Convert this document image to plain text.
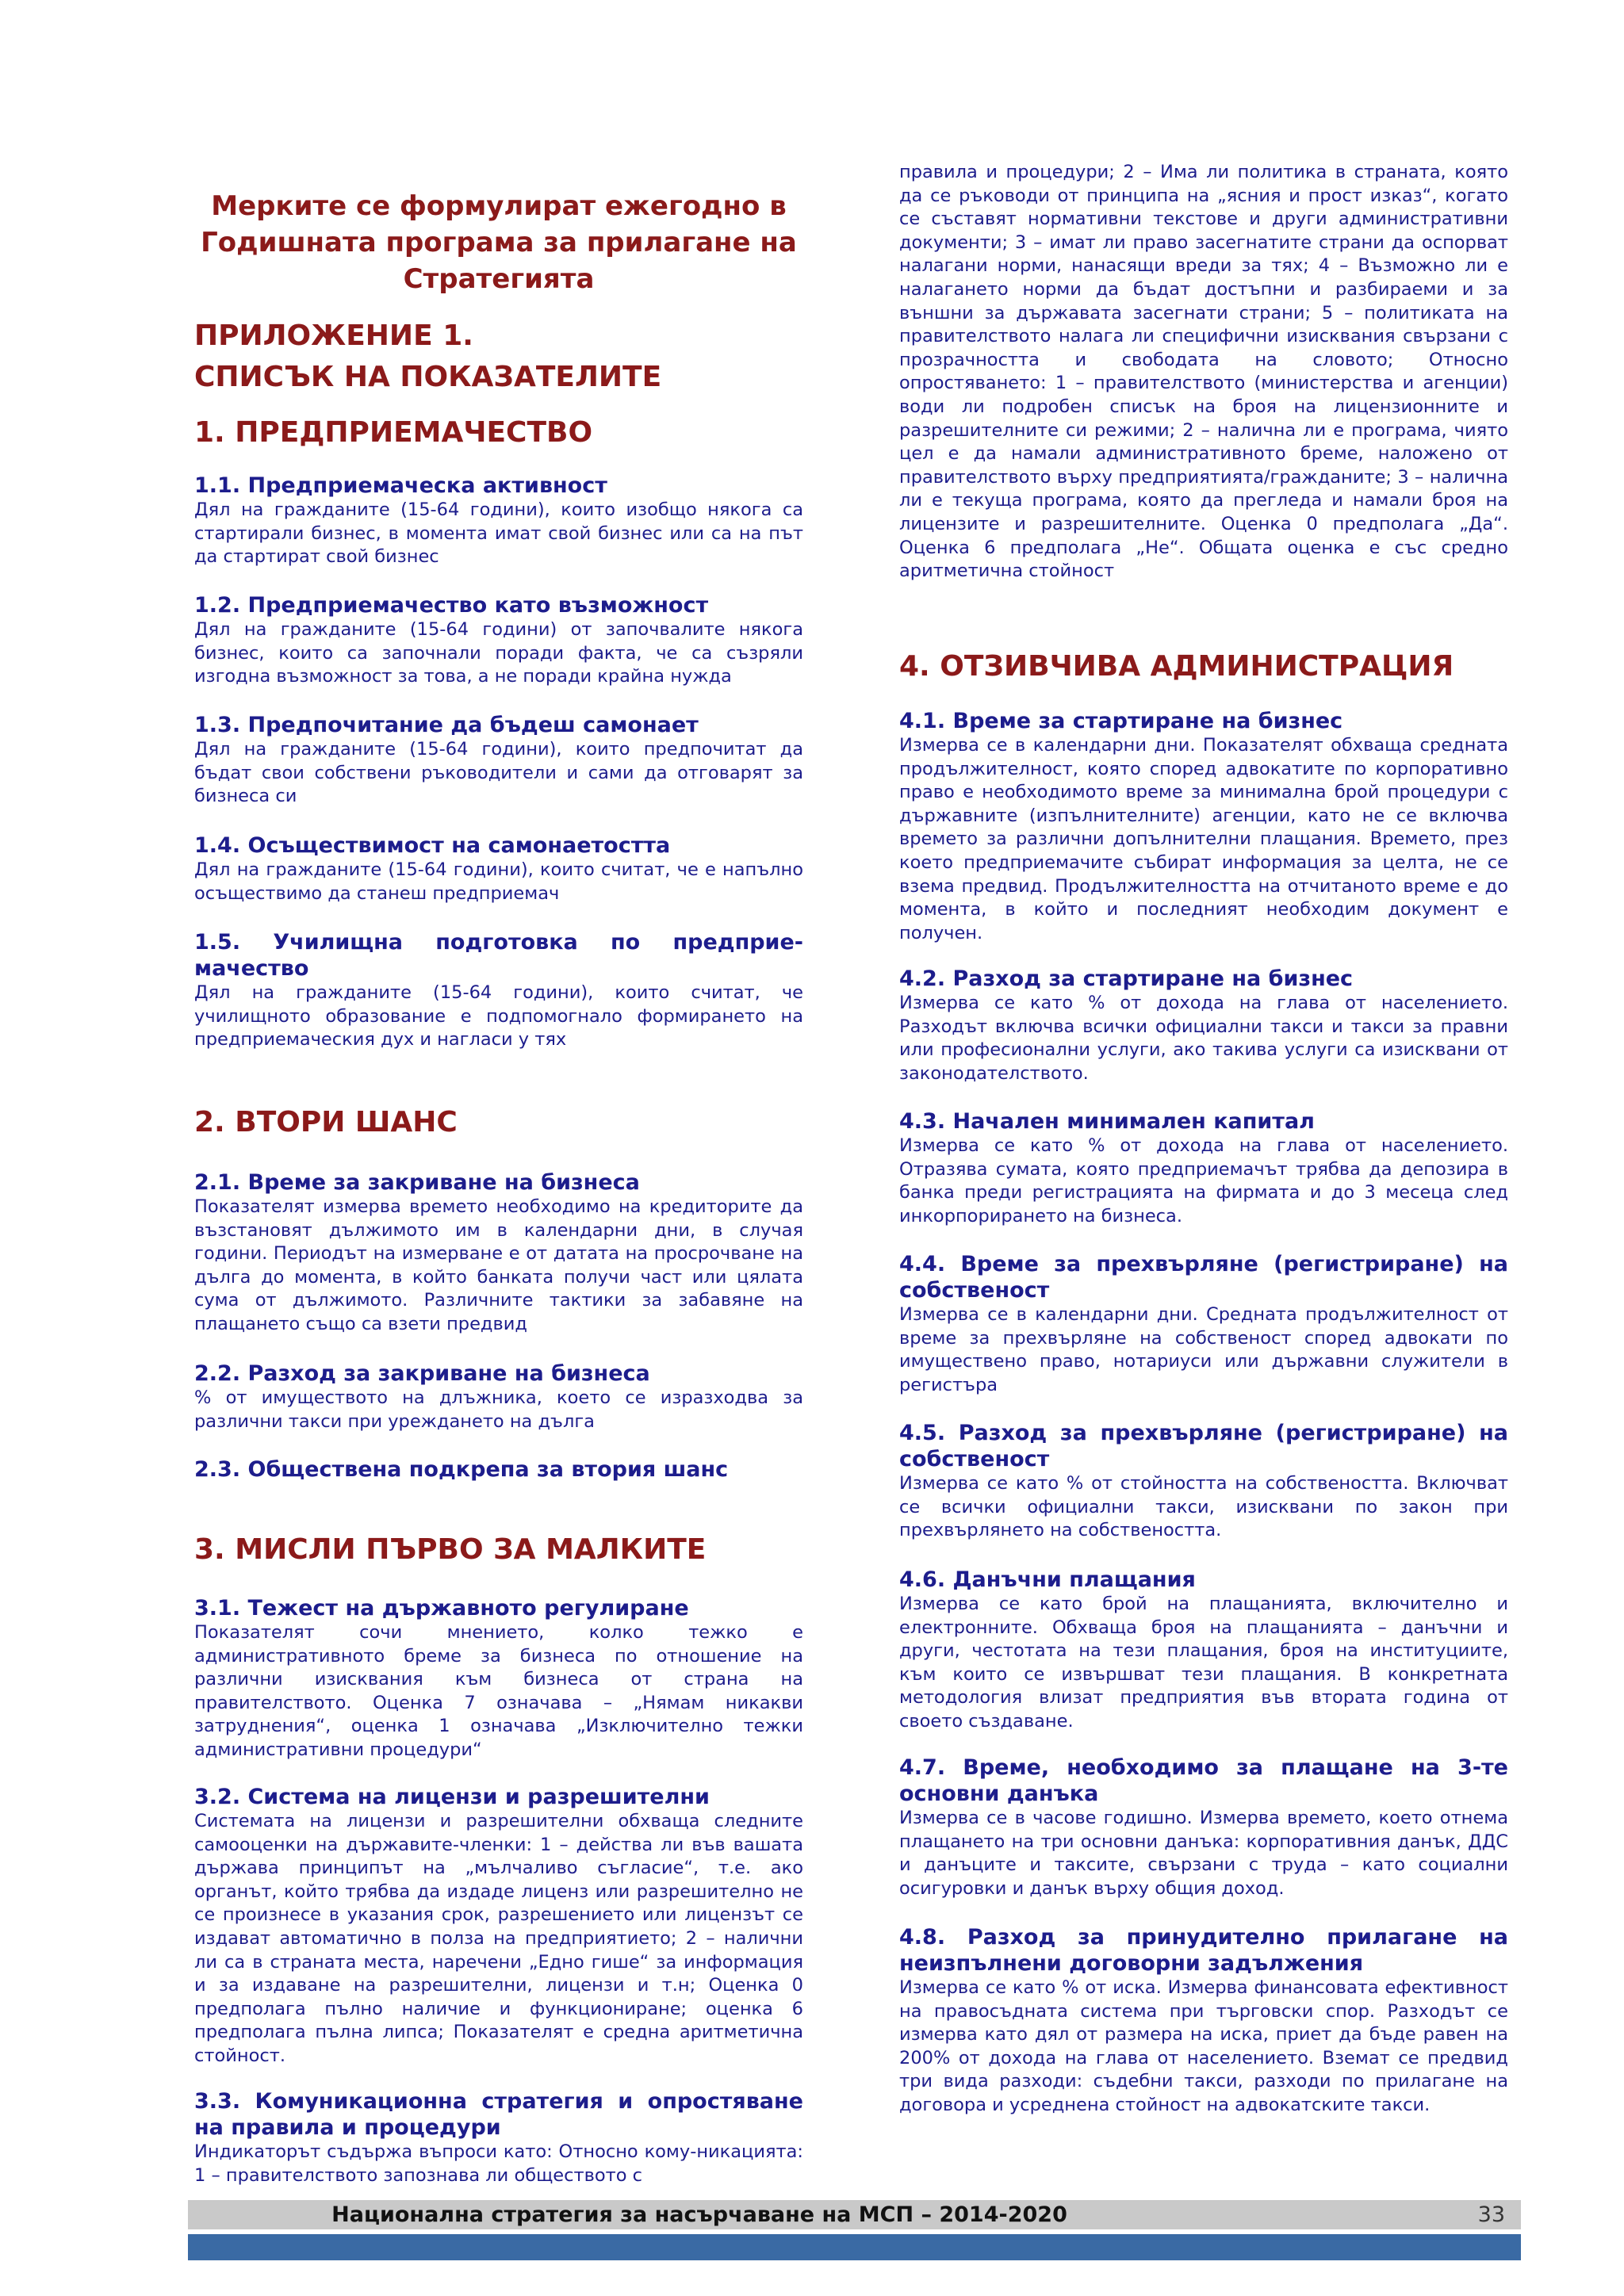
Мерките се формулират ежегодно в Годишната програма за прилагане на Стратегията
ПРИЛОЖЕНИЕ 1.
СПИСЪК НА ПОКАЗАТЕЛИТЕ
1. ПРЕДПРИЕМАЧЕСТВО
1.1. Предприемаческа активност
Дял на гражданите (15-64 години), които изобщо някога са стартирали бизнес, в момента имат свой бизнес или са на път да стартират свой бизнес
1.2. Предприемачество като възможност
Дял на гражданите (15-64 години) от започвалите някога бизнес, които са започнали поради факта, че са съзряли изгодна възможност за това, а не поради крайна нужда
1.3. Предпочитание да бъдеш самонает
Дял на гражданите (15-64 години), които предпочитат да бъдат свои собствени ръководители и сами да отговарят за бизнеса си
1.4. Осъществимост на самонаетостта
Дял на гражданите (15-64 години), които считат, че е напълно осъществимо да станеш предприемач
1.5. Училищна подготовка по предприе-мачество
Дял на гражданите (15-64 години), които считат, че училищното образование е подпомогнало формирането на предприемаческия дух и нагласи у тях
2. ВТОРИ ШАНС
2.1. Време за закриване на бизнеса
Показателят измерва времето необходимо на кредиторите да възстановят дължимото им в календарни дни, в случая години. Периодът на измерване е от датата на просрочване на дълга до момента, в който банката получи част или цялата сума от дължимото. Различните тактики за забавяне на плащането също са взети предвид
2.2. Разход за закриване на бизнеса
% от имуществото на длъжника, което се изразходва за различни такси при уреждането на дълга
2.3. Обществена подкрепа за втория шанс
3. МИСЛИ ПЪРВО ЗА МАЛКИТЕ
3.1. Тежест на държавното регулиране
Показателят сочи мнението, колко тежко е административното бреме за бизнеса по отношение на различни изисквания към бизнеса от страна на правителството. Оценка 7 означава – „Нямам никакви затруднения“, оценка 1 означава „Изключително тежки административни процедури“
3.2. Система на лицензи и разрешителни
Системата на лицензи и разрешителни обхваща следните самооценки на държавите-членки: 1 – действа ли във вашата държава принципът на „мълчаливо съгласие“, т.е. ако органът, който трябва да издаде лиценз или разрешително не се произнесе в указания срок, разрешението или лицензът се издават автоматично в полза на предприятието; 2 – налични ли са в страната места, наречени „Едно гише“ за информация и за издаване на разрешителни, лицензи и т.н; Оценка 0 предполага пълно наличие и функциониране; оценка 6 предполага пълна липса; Показателят е средна аритметична стойност.
3.3. Комуникационна стратегия и опростяване на правила и процедури
Индикаторът съдържа въпроси като: Относно кому-никацията: 1 – правителството запознава ли обществото с
правила и процедури; 2 – Има ли политика в страната, която да се ръководи от принципа на „ясния и прост изказ“, когато се съставят нормативни текстове и други административни документи; 3 – имат ли право засегнатите страни да оспорват налагани норми, нанасящи вреди за тях; 4 – Възможно ли е налагането норми да бъдат достъпни и разбираеми и за външни за държавата засегнати страни; 5 – политиката на правителството налага ли специфични изисквания свързани с прозрачността и свободата на словото; Относно опростяването: 1 – правителството (министерства и агенции) води ли подробен списък на броя на лицензионните и разрешителните си режими; 2 – налична ли е програма, чиято цел е да намали административното бреме, наложено от правителството върху предприятията/гражданите; 3 – налична ли е текуща програма, която да прегледа и намали броя на лицензите и разрешителните. Оценка 0 предполага „Да“. Оценка 6 предполага „Не“. Общата оценка е със средно аритметична стойност
4. ОТЗИВЧИВА АДМИНИСТРАЦИЯ
4.1. Време за стартиране на бизнес
Измерва се в календарни дни. Показателят обхваща средната продължителност, която според адвокатите по корпоративно право е необходимото време за минимална брой процедури с държавните (изпълнителните) агенции, като не се включва времето за различни допълнителни плащания. Времето, през което предприемачите събират информация за целта, не се взема предвид. Продължителността на отчитаното време е до момента, в който и последният необходим документ е получен.
4.2. Разход за стартиране на бизнес
Измерва се като % от дохода на глава от населението. Разходът включва всички официални такси и такси за правни или професионални услуги, ако такива услуги са изисквани от законодателството.
4.3. Начален минимален капитал
Измерва се като % от дохода на глава от населението. Отразява сумата, която предприемачът трябва да депозира в банка преди регистрацията на фирмата и до 3 месеца след инкорпорирането на бизнеса.
4.4. Време за прехвърляне (регистриране) на собственост
Измерва се в календарни дни. Средната продължителност от време за прехвърляне на собственост според адвокати по имуществено право, нотариуси или държавни служители в регистъра
4.5. Разход за прехвърляне (регистриране) на собственост
Измерва се като % от стойността на собствеността. Включват се всички официални такси, изисквани по закон при прехвърлянето на собствеността.
4.6. Данъчни плащания
Измерва се като брой на плащанията, включително и електронните. Обхваща броя на плащанията – данъчни и други, честотата на тези плащания, броя на институциите, към които се извършват тези плащания. В конкретната методология влизат предприятия във втората година от своето създаване.
4.7. Време, необходимо за плащане на 3-те основни данъка
Измерва се в часове годишно. Измерва времето, което отнема плащането на три основни данъка: корпоративния данък, ДДС и данъците и таксите, свързани с труда – като социални осигуровки и данък върху общия доход.
4.8. Разход за принудително прилагане на неизпълнени договорни задължения
Измерва се като % от иска. Измерва финансовата ефективност на правосъдната система при търговски спор. Разходът се измерва като дял от размера на иска, приет да бъде равен на 200% от дохода на глава от населението. Вземат се предвид три вида разходи: съдебни такси, разходи по прилагане на договора и усреднена стойност на адвокатските такси.
Национална стратегия за насърчаване на МСП – 2014-2020	33
